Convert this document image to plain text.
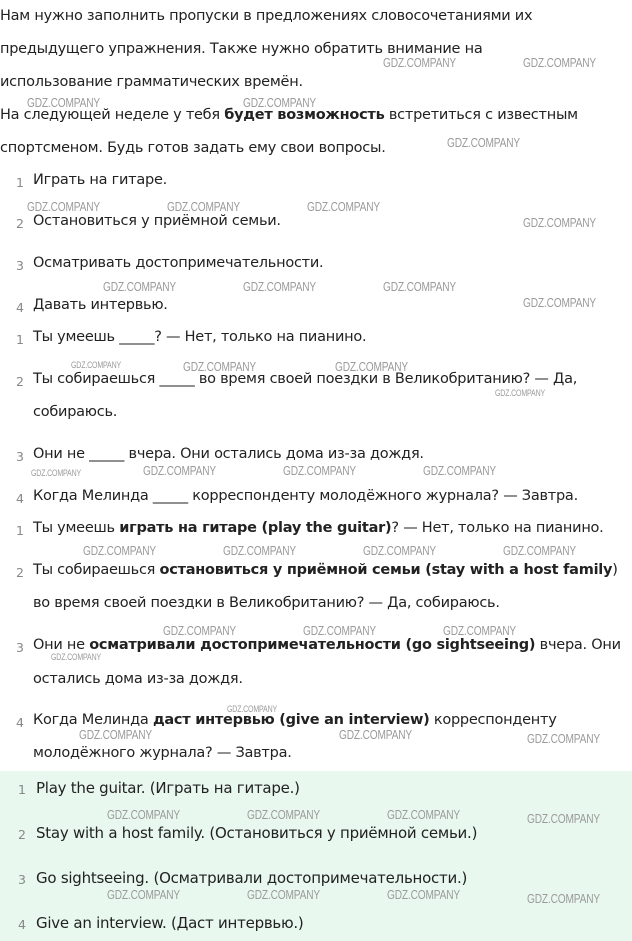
Нам нужно заполнить пропуски в предложениях словосочетаниями их
предыдущего упражнения. Также нужно обратить внимание на
использование грамматических времён.
На следующей неделе у тебя будет возможность встретиться с известным
спортсменом. Будь готов задать ему свои вопросы.
1 Играть на гитаре.
2 Остановиться у приёмной семьи.
3 Осматривать достопримечательности.
4 Давать интервью.
1 Ты умеешь _____? — Нет, только на пианино.
2 Ты собираешься _____ во время своей поездки в Великобританию? — Да,
собираюсь.
3 Они не _____ вчера. Они остались дома из-за дождя.
4 Когда Мелинда _____ корреспонденту молодёжного журнала? — Завтра.
1 Ты умеешь играть на гитаре (play the guitar)? — Нет, только на пианино.
2 Ты собираешься остановиться у приёмной семьи (stay with a host family)
во время своей поездки в Великобританию? — Да, собираюсь.
3 Они не осматривали достопримечательности (go sightseeing) вчера. Они
остались дома из-за дождя.
4 Когда Мелинда даст интервью (give an interview) корреспонденту
молодёжного журнала? — Завтра.
1 Play the guitar. (Играть на гитаре.)
2 Stay with a host family. (Остановиться у приёмной семьи.)
3 Go sightseeing. (Осматривали достопримечательности.)
4 Give an interview. (Даст интервью.)
GDZ.COMPANY	GDZ.COMPANY
GDZ.COMPANY	GDZ.COMPANY
GDZ.COMPANY
GDZ.COMPANY	GDZ.COMPANY	GDZ.COMPANY
GDZ.COMPANY
GDZ.COMPANY	GDZ.COMPANY	GDZ.COMPANY
GDZ.COMPANY
GDZ.COMPANY	GDZ.COMPANY	GDZ.COMPANY
GDZ.COMPANY
GDZ.COMPANY	GDZ.COMPANY	GDZ.COMPANY	GDZ.COMPANY
GDZ.COMPANY	GDZ.COMPANY	GDZ.COMPANY	GDZ.COMPANY
GDZ.COMPANY	GDZ.COMPANY	GDZ.COMPANY
GDZ.COMPANY
GDZ.COMPANY
GDZ.COMPANY	GDZ.COMPANY	GDZ.COMPANY
GDZ.COMPANY	GDZ.COMPANY	GDZ.COMPANY	GDZ.COMPANY
GDZ.COMPANY	GDZ.COMPANY	GDZ.COMPANY	GDZ.COMPANY
